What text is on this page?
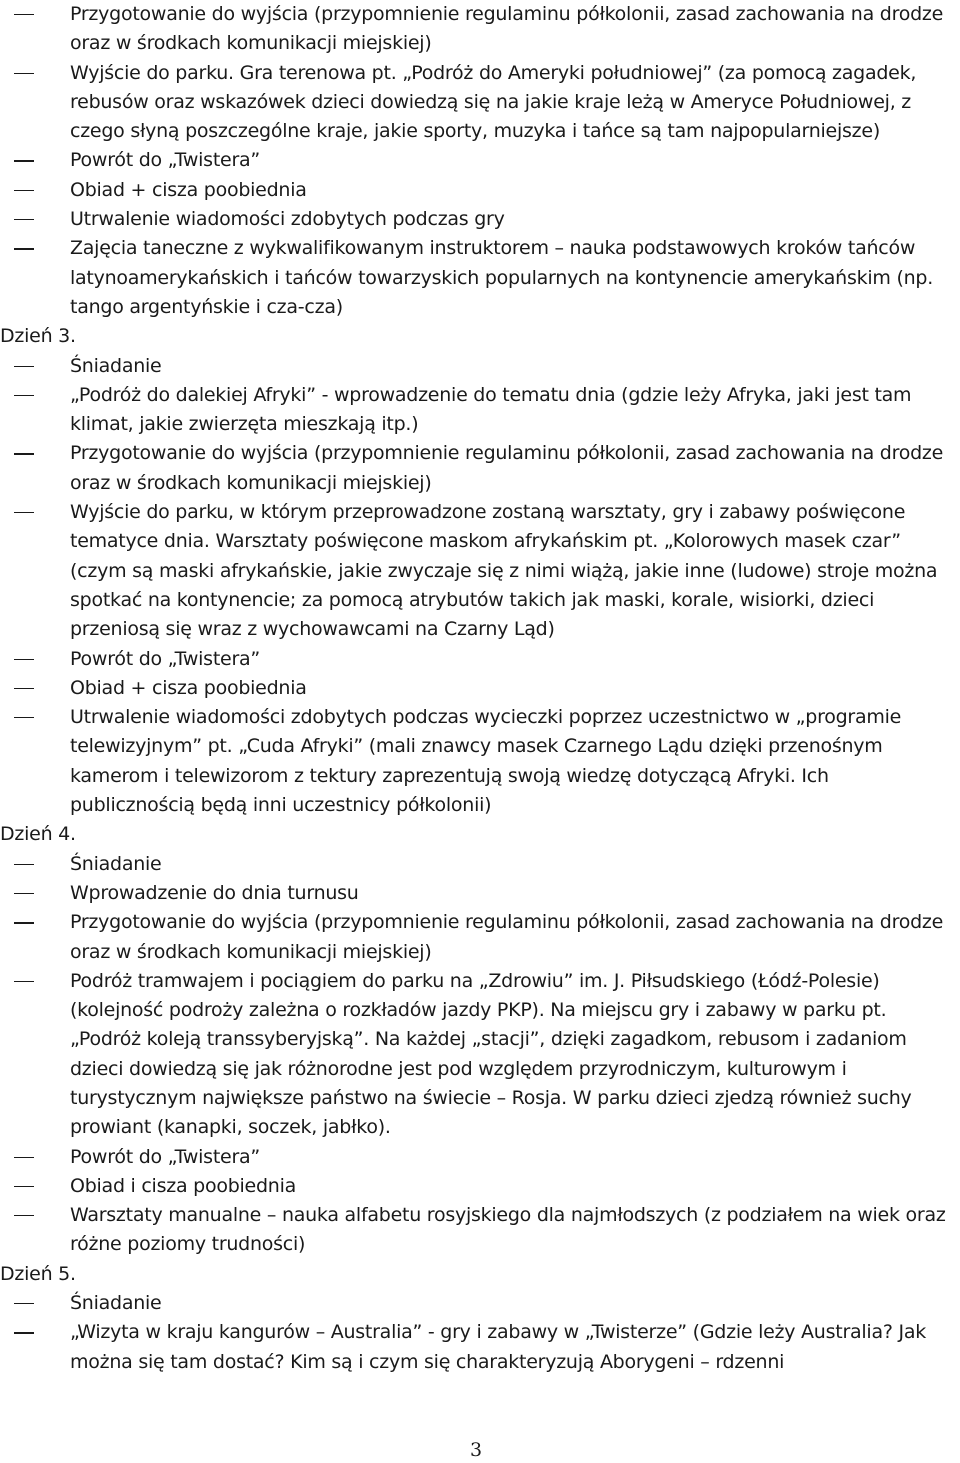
Przygotowanie do wyjścia (przypomnienie regulaminu półkolonii, zasad zachowania na drodze oraz w środkach komunikacji miejskiej)
Wyjście do parku. Gra terenowa pt. „Podróż do Ameryki południowej” (za pomocą zagadek, rebusów oraz wskazówek dzieci dowiedzą się na jakie kraje leżą w Ameryce Południowej, z czego słyną poszczególne kraje, jakie sporty, muzyka i tańce są tam najpopularniejsze)
Powrót do „Twistera”
Obiad + cisza poobiednia
Utrwalenie wiadomości zdobytych podczas gry
Zajęcia taneczne z wykwalifikowanym instruktorem – nauka podstawowych kroków tańców latynoamerykańskich i tańców towarzyskich popularnych na kontynencie amerykańskim (np. tango argentyńskie i cza-cza)
Dzień 3.
Śniadanie
„Podróż do dalekiej Afryki” - wprowadzenie do tematu dnia (gdzie leży Afryka, jaki jest tam klimat, jakie zwierzęta mieszkają itp.)
Przygotowanie do wyjścia (przypomnienie regulaminu półkolonii, zasad zachowania na drodze oraz w środkach komunikacji miejskiej)
Wyjście do parku, w którym przeprowadzone zostaną warsztaty, gry i zabawy poświęcone tematyce dnia. Warsztaty poświęcone maskom afrykańskim pt. „Kolorowych masek czar” (czym są maski afrykańskie, jakie zwyczaje się z nimi wiążą, jakie inne (ludowe) stroje można spotkać na kontynencie; za pomocą atrybutów takich jak maski, korale, wisiorki, dzieci przeniosą się wraz z wychowawcami na Czarny Ląd)
Powrót do „Twistera”
Obiad + cisza poobiednia
Utrwalenie wiadomości zdobytych podczas wycieczki poprzez uczestnictwo w „programie telewizyjnym” pt. „Cuda Afryki” (mali znawcy masek Czarnego Lądu dzięki przenośnym kamerom i telewizorom z tektury zaprezentują swoją wiedzę dotyczącą Afryki. Ich publicznością będą inni uczestnicy półkolonii)
Dzień 4.
Śniadanie
Wprowadzenie do dnia turnusu
Przygotowanie do wyjścia (przypomnienie regulaminu półkolonii, zasad zachowania na drodze oraz w środkach komunikacji miejskiej)
Podróż tramwajem i pociągiem do parku na „Zdrowiu” im. J. Piłsudskiego (Łódź-Polesie) (kolejność podroży zależna o rozkładów jazdy PKP). Na miejscu gry i zabawy w parku pt. „Podróż koleją transsyberyjską”. Na każdej „stacji”, dzięki zagadkom, rebusom i zadaniom dzieci dowiedzą się jak różnorodne jest pod względem przyrodniczym, kulturowym i turystycznym największe państwo na świecie – Rosja. W parku dzieci zjedzą również suchy prowiant (kanapki, soczek, jabłko).
Powrót do „Twistera”
Obiad i cisza poobiednia
Warsztaty manualne – nauka alfabetu rosyjskiego dla najmłodszych (z podziałem na wiek oraz różne poziomy trudności)
Dzień 5.
Śniadanie
„Wizyta w kraju kangurów – Australia” - gry i zabawy w „Twisterze” (Gdzie leży Australia? Jak można się tam dostać? Kim są i czym się charakteryzują Aborygeni – rdzenni
3
